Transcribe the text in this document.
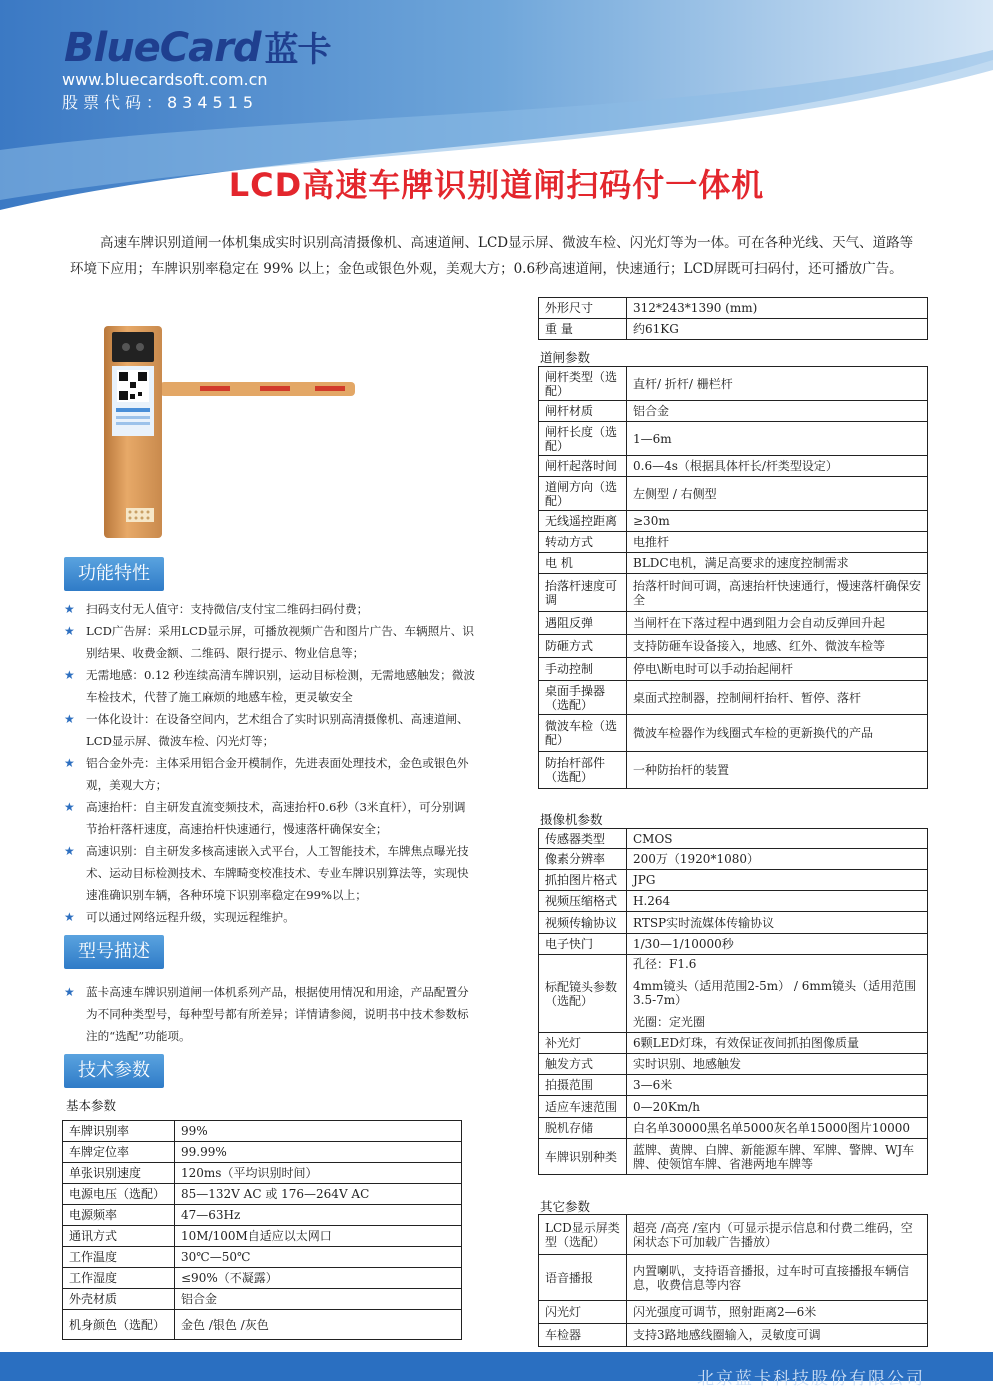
BlueCard 蓝卡
www.bluecardsoft.com.cn
股票代码：834515
LCD高速车牌识别道闸扫码付一体机
高速车牌识别道闸一体机集成实时识别高清摄像机、高速道闸、LCD显示屏、微波车检、闪光灯等为一体。可在各种光线、天气、道路等环境下应用；车牌识别率稳定在 99% 以上；金色或银色外观，美观大方；0.6秒高速道闸，快速通行；LCD屏既可扫码付，还可播放广告。
功能特性
★ 扫码支付无人值守：支持微信/支付宝二维码扫码付费；
★ LCD广告屏：采用LCD显示屏，可播放视频广告和图片广告、车辆照片、识别结果、收费金额、二维码、限行提示、物业信息等；
★ 无需地感：0.12 秒连续高清车牌识别，运动目标检测，无需地感触发；微波车检技术，代替了施工麻烦的地感车检，更灵敏安全
★ 一体化设计：在设备空间内，艺术组合了实时识别高清摄像机、高速道闸、LCD显示屏、微波车检、闪光灯等；
★ 铝合金外壳：主体采用铝合金开模制作，先进表面处理技术，金色或银色外观，美观大方；
★ 高速抬杆：自主研发直流变频技术，高速抬杆0.6秒（3米直杆），可分别调节抬杆落杆速度，高速抬杆快速通行，慢速落杆确保安全；
★ 高速识别：自主研发多核高速嵌入式平台，人工智能技术，车牌焦点曝光技术、运动目标检测技术、车牌畸变校准技术、专业车牌识别算法等，实现快速准确识别车辆，各种环境下识别率稳定在99%以上；
★ 可以通过网络远程升级，实现远程维护。
型号描述
★ 蓝卡高速车牌识别道闸一体机系列产品，根据使用情况和用途，产品配置分为不同种类型号，每种型号都有所差异；详情请参阅，说明书中技术参数标注的“选配”功能项。
技术参数
基本参数
车牌识别率	99%
车牌定位率	99.99%
单张识别速度	120ms（平均识别时间）
电源电压（选配）	85—132V AC 或 176—264V AC
电源频率	47—63Hz
通讯方式	10M/100M自适应以太网口
工作温度	30℃—50℃
工作湿度	≤90%（不凝露）
外壳材质	铝合金
机身颜色（选配）	金色 /银色 /灰色
外形尺寸	312*243*1390 (mm)
重 量	约61KG
道闸参数
闸杆类型（选配）	直杆/ 折杆/ 栅栏杆
闸杆材质	铝合金
闸杆长度（选配）	1—6m
闸杆起落时间	0.6—4s（根据具体杆长/杆类型设定）
道闸方向（选配）	左侧型 / 右侧型
无线遥控距离	≥30m
转动方式	电推杆
电 机	BLDC电机，满足高要求的速度控制需求
抬落杆速度可调	抬落杆时间可调，高速抬杆快速通行，慢速落杆确保安全
遇阻反弹	当闸杆在下落过程中遇到阻力会自动反弹回升起
防砸方式	支持防砸车设备接入，地感、红外、微波车检等
手动控制	停电\断电时可以手动抬起闸杆
桌面手操器（选配）	桌面式控制器，控制闸杆抬杆、暂停、落杆
微波车检（选配）	微波车检器作为线圈式车检的更新换代的产品
防抬杆部件（选配）	一种防抬杆的装置
摄像机参数
传感器类型	CMOS
像素分辨率	200万（1920*1080）
抓拍图片格式	JPG
视频压缩格式	H.264
视频传输协议	RTSP实时流媒体传输协议
电子快门	1/30—1/10000秒
标配镜头参数（选配）	孔径：F1.6
	4mm镜头（适用范围2-5m） / 6mm镜头（适用范围3.5-7m）
	光圈：定光圈
补光灯	6颗LED灯珠，有效保证夜间抓拍图像质量
触发方式	实时识别、地感触发
拍摄范围	3—6米
适应车速范围	0—20Km/h
脱机存储	白名单30000黑名单5000灰名单15000图片10000
车牌识别种类	蓝牌、黄牌、白牌、新能源车牌、军牌、警牌、WJ车牌、使领馆车牌、省港两地车牌等
其它参数
LCD显示屏类型（选配）	超亮 /高亮 /室内（可显示提示信息和付费二维码，空闲状态下可加载广告播放）
语音播报	内置喇叭，支持语音播报，过车时可直接播报车辆信息，收费信息等内容
闪光灯	闪光强度可调节，照射距离2—6米
车检器	支持3路地感线圈输入，灵敏度可调
北京蓝卡科技股份有限公司
